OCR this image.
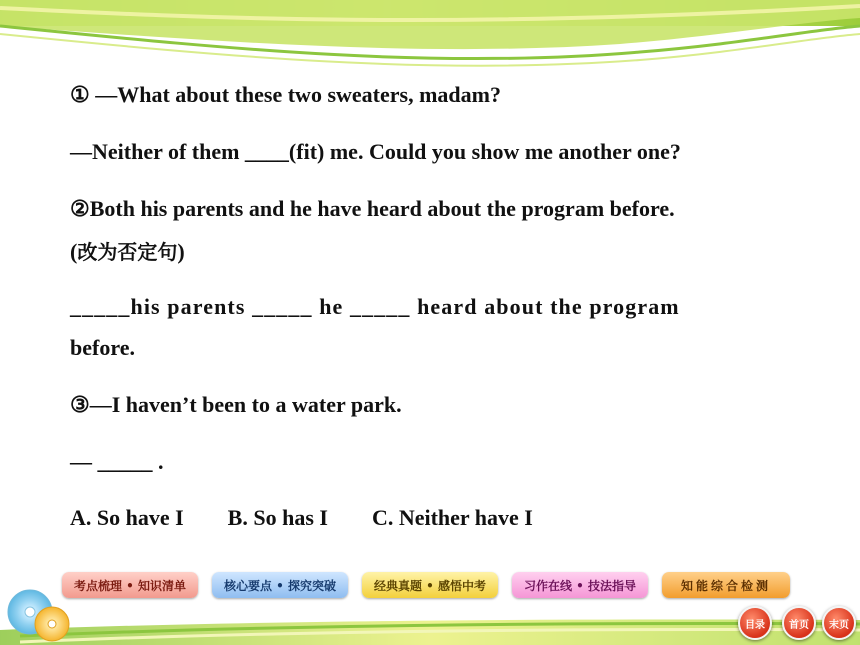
① —What about these two sweaters, madam?
—Neither of them ____(fit) me. Could you show me another one?
②Both his parents and he have heard about the program before.
(改为否定句)
_____his parents _____ he _____ heard about the program
before.
③—I haven’t been to a water park.
— _____ .
A. So have I        B. So has I        C. Neither have I
考点梳理 • 知识清单	核心要点 • 探究突破	经典真题 • 感悟中考	习作在线 • 技法指导	知能综合检测
目录	首页	末页
